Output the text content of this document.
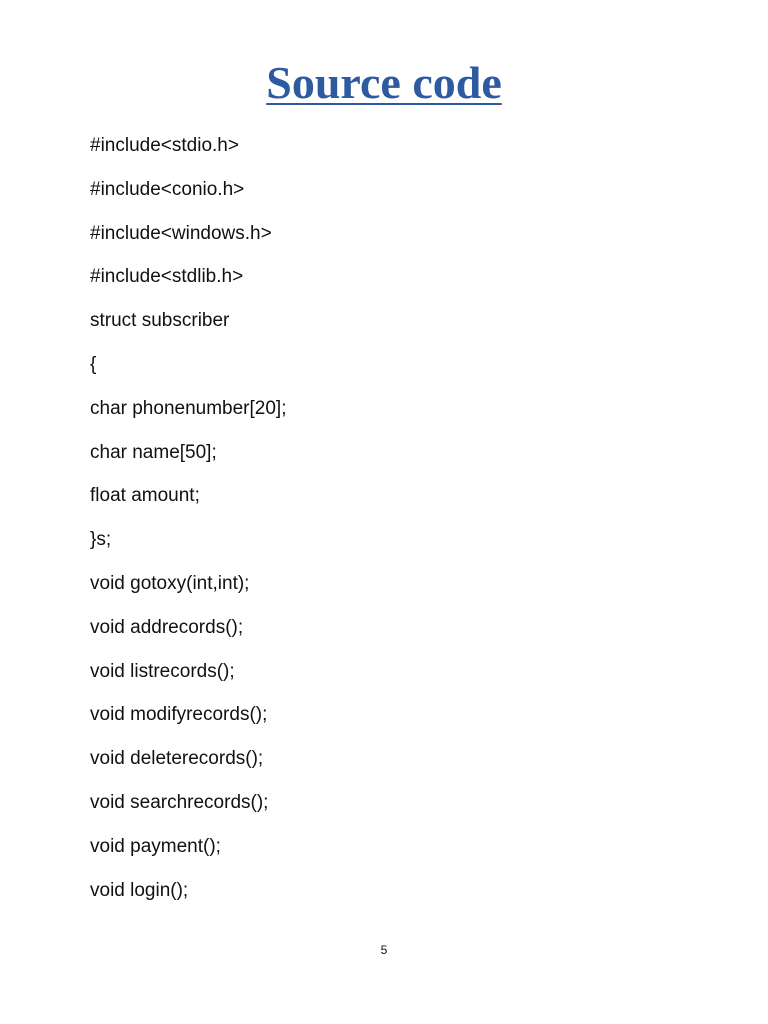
Source code
#include<stdio.h>
#include<conio.h>
#include<windows.h>
#include<stdlib.h>
struct subscriber
{
char phonenumber[20];
char name[50];
float amount;
}s;
void gotoxy(int,int);
void addrecords();
void listrecords();
void modifyrecords();
void deleterecords();
void searchrecords();
void payment();
void login();
5
